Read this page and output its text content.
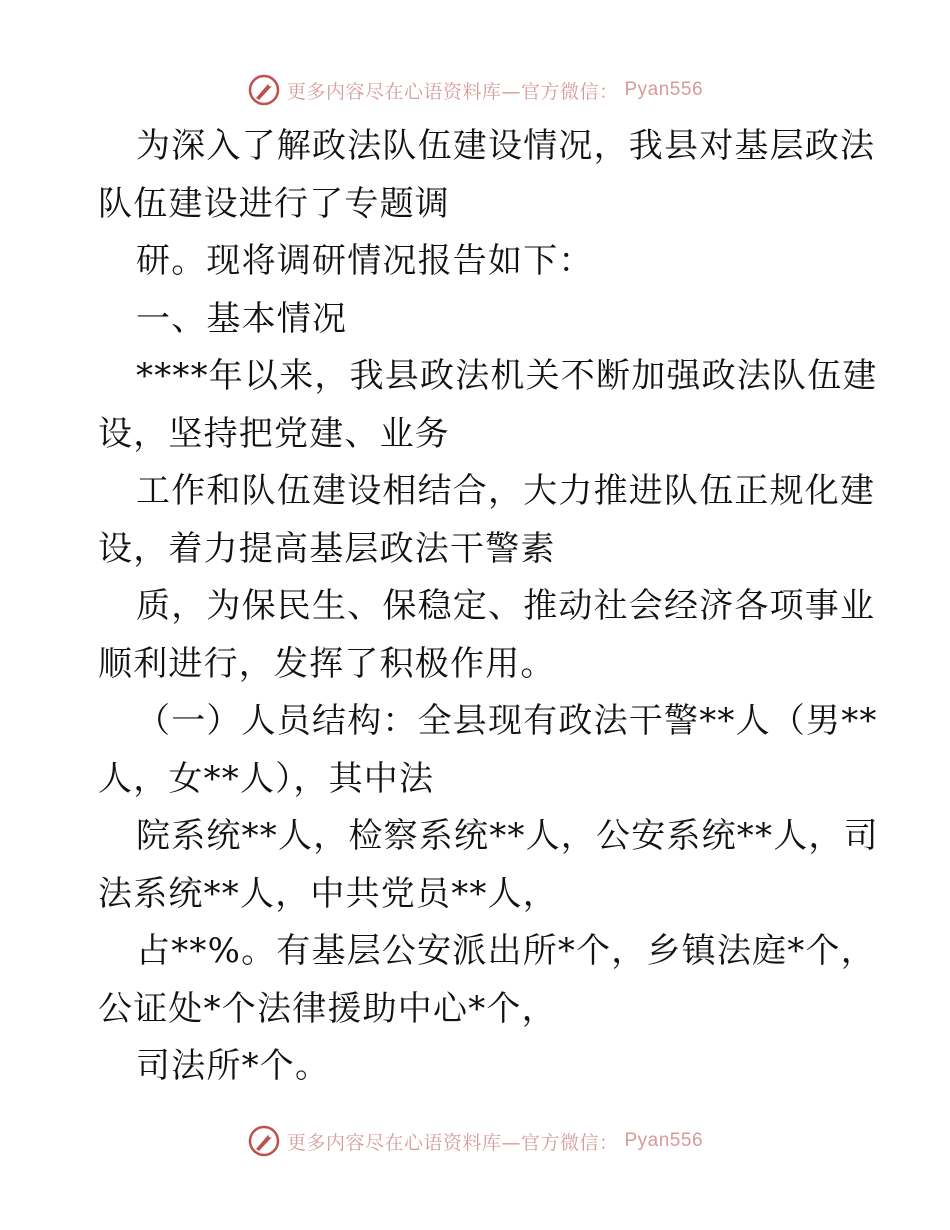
更多内容尽在心语资料库—官方微信： Pyan556
为深入了解政法队伍建设情况，我县对基层政法
队伍建设进行了专题调
研。现将调研情况报告如下：
一、基本情况
****年以来，我县政法机关不断加强政法队伍建
设，坚持把党建、业务
工作和队伍建设相结合，大力推进队伍正规化建
设，着力提高基层政法干警素
质，为保民生、保稳定、推动社会经济各项事业
顺利进行，发挥了积极作用。
（一）人员结构：全县现有政法干警**人（男**
人，女**人），其中法
院系统**人，检察系统**人，公安系统**人，司
法系统**人，中共党员**人，
占**%。有基层公安派出所*个，乡镇法庭*个，
公证处*个法律援助中心*个，
司法所*个。
更多内容尽在心语资料库—官方微信： Pyan556
